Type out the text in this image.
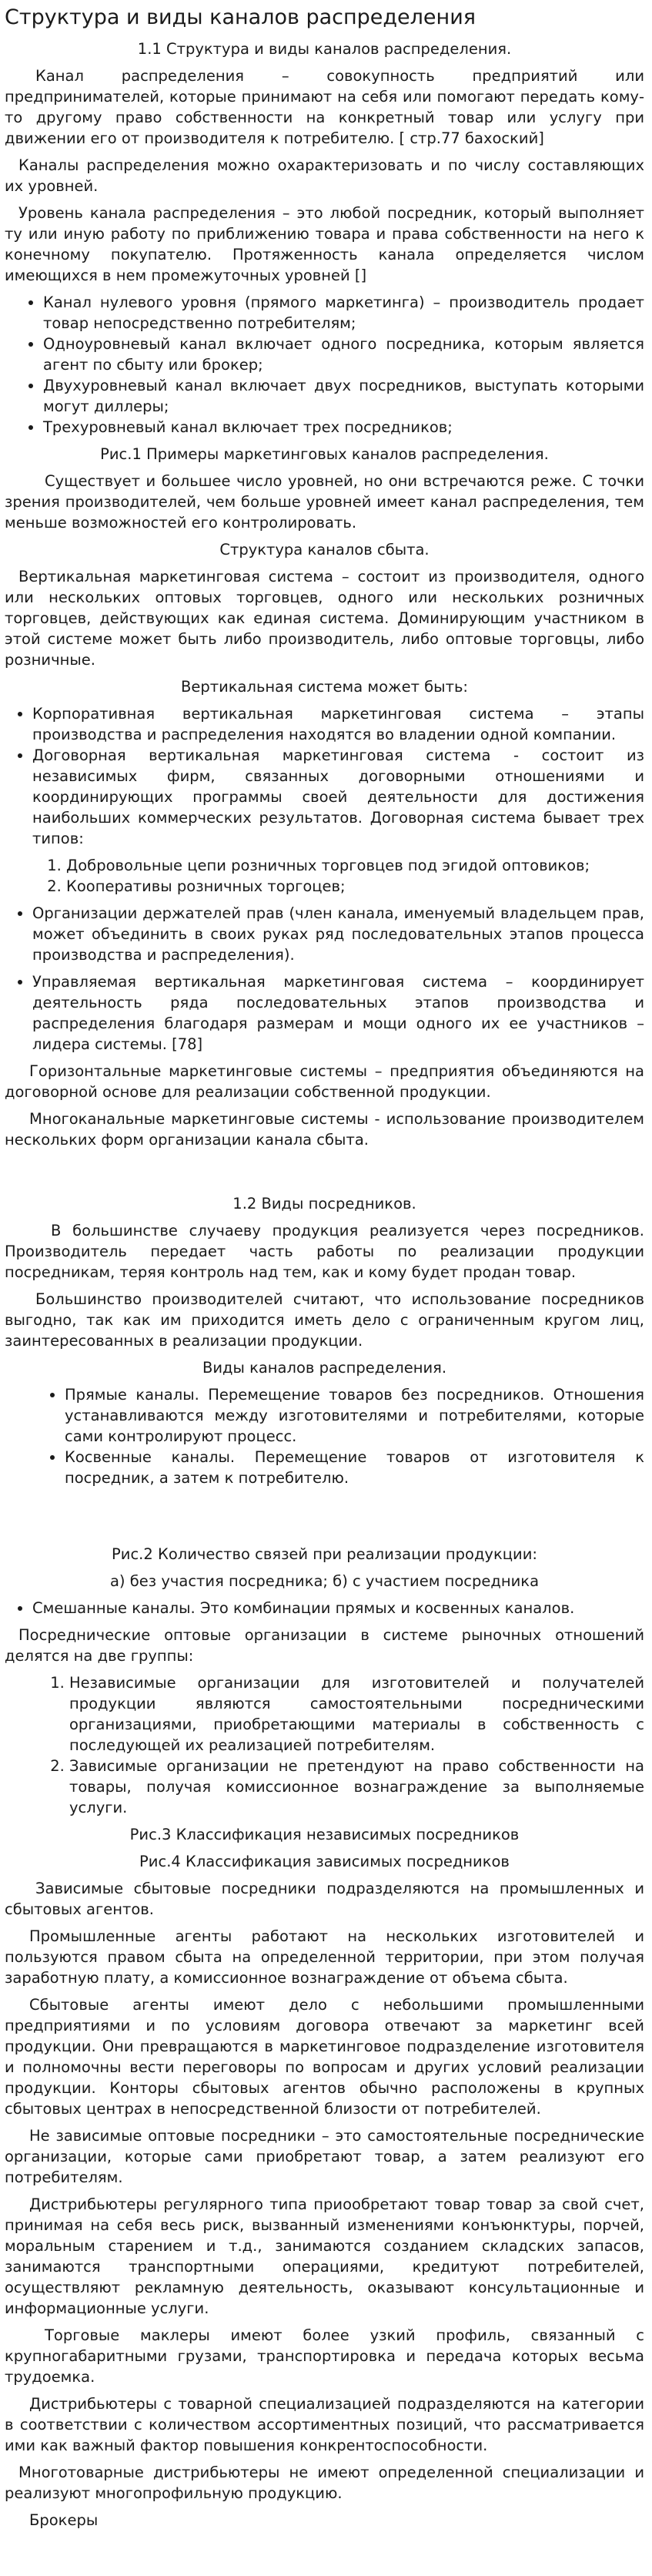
Структура и виды каналов распределения

1.1 Структура и виды каналов распределения.

Канал распределения – совокупность предприятий или предпринимателей, которые принимают на себя или помогают передать кому-то другому право собственности на конкретный товар или услугу при движении его от производителя к потребителю. [ стр.77 бахоский]

Каналы распределения можно охарактеризовать и по числу составляющих их уровней.

Уровень канала распределения – это любой посредник, который выполняет ту или иную работу по приближению товара и права собственности на него к конечному покупателю. Протяженность канала определяется числом имеющихся в нем промежуточных уровней []

• Канал нулевого уровня (прямого маркетинга) – производитель продает товар непосредственно потребителям;
• Одноуровневый канал включает одного посредника, которым является агент по сбыту или брокер;
• Двухуровневый канал включает двух посредников, выступать которыми могут диллеры;
• Трехуровневый канал включает трех посредников;

Рис.1 Примеры маркетинговых каналов распределения.

Существует и большее число уровней, но они встречаются реже. С точки зрения производителей, чем больше уровней имеет канал распределения, тем меньше возможностей его контролировать.

Структура каналов сбыта.

Вертикальная маркетинговая система – состоит из производителя, одного или нескольких оптовых торговцев, одного или нескольких розничных торговцев, действующих как единая система. Доминирующим участником в этой системе может быть либо производитель, либо оптовые торговцы, либо розничные.

Вертикальная система может быть:

• Корпоративная вертикальная маркетинговая система – этапы производства и распределения находятся во владении одной компании.
• Договорная вертикальная маркетинговая система - состоит из независимых фирм, связанных договорными отношениями и координирующих программы своей деятельности для достижения наибольших коммерческих результатов. Договорная система бывает трех типов:
1. Добровольные цепи розничных торговцев под эгидой оптовиков;
2. Кооперативы розничных торгоцев;
• Организации держателей прав (член канала, именуемый владельцем прав, может объединить в своих руках ряд последовательных этапов процесса производства и распределения).
• Управляемая вертикальная маркетинговая система – координирует деятельность ряда последовательных этапов производства и распределения благодаря размерам и мощи одного их ее участников – лидера системы. [78]

Горизонтальные маркетинговые системы – предприятия объединяются на договорной основе для реализации собственной продукции.

Многоканальные маркетинговые системы - использование производителем нескольких форм организации канала сбыта.

1.2 Виды посредников.

В большинстве случаеву продукция реализуется через посредников. Производитель передает часть работы по реализации продукции посредникам, теряя контроль над тем, как и кому будет продан товар.

Большинство производителей считают, что использование посредников выгодно, так как им приходится иметь дело с ограниченным кругом лиц, заинтересованных в реализации продукции.

Виды каналов распределения.

• Прямые каналы. Перемещение товаров без посредников. Отношения устанавливаются между изготовителями и потребителями, которые сами контролируют процесс.
• Косвенные каналы. Перемещение товаров от изготовителя к посредник, а затем к потребителю.

Рис.2 Количество связей при реализации продукции:

а) без участия посредника; б) с участием посредника

• Смешанные каналы. Это комбинации прямых и косвенных каналов.

Посреднические оптовые организации в системе рыночных отношений делятся на две группы:

1. Независимые организации для изготовителей и получателей продукции являются самостоятельными посредническими организациями, приобретающими материалы в собственность с последующей их реализацией потребителям.
2. Зависимые организации не претендуют на право собственности на товары, получая комиссионное вознаграждение за выполняемые услуги.

Рис.3 Классификация независимых посредников

Рис.4 Классификация зависимых посредников

Зависимые сбытовые посредники подразделяются на промышленных и сбытовых агентов.

Промышленные агенты работают на нескольких изготовителей и пользуются правом сбыта на определенной территории, при этом получая заработную плату, а комиссионное вознаграждение от объема сбыта.

Сбытовые агенты имеют дело с небольшими промышленными предприятиями и по условиям договора отвечают за маркетинг всей продукции. Они превращаются в маркетинговое подразделение изготовителя и полномочны вести переговоры по вопросам и других условий реализации продукции. Конторы сбытовых агентов обычно расположены в крупных сбытовых центрах в непосредственной близости от потребителей.

Не зависимые оптовые посредники – это самостоятельные посреднические организации, которые сами приобретают товар, а затем реализуют его потребителям.

Дистрибьютеры регулярного типа приообретают товар товар за свой счет, принимая на себя весь риск, вызванный изменениями конъюнктуры, порчей, моральным старением и т.д., занимаются созданием складских запасов, занимаются транспортными операциями, кредитуют потребителей, осуществляют рекламную деятельность, оказывают консультационные и информационные услуги.

Торговые маклеры имеют более узкий профиль, связанный с крупногабаритными грузами, транспортировка и передача которых весьма трудоемка.

Дистрибьютеры с товарной специализацией подразделяются на категории в соответствии с количеством ассортиментных позиций, что рассматривается ими как важный фактор повышения конкрентоспособности.

Многотоварные дистрибьютеры не имеют определенной специализации и реализуют многопрофильную продукцию.

Брокеры
